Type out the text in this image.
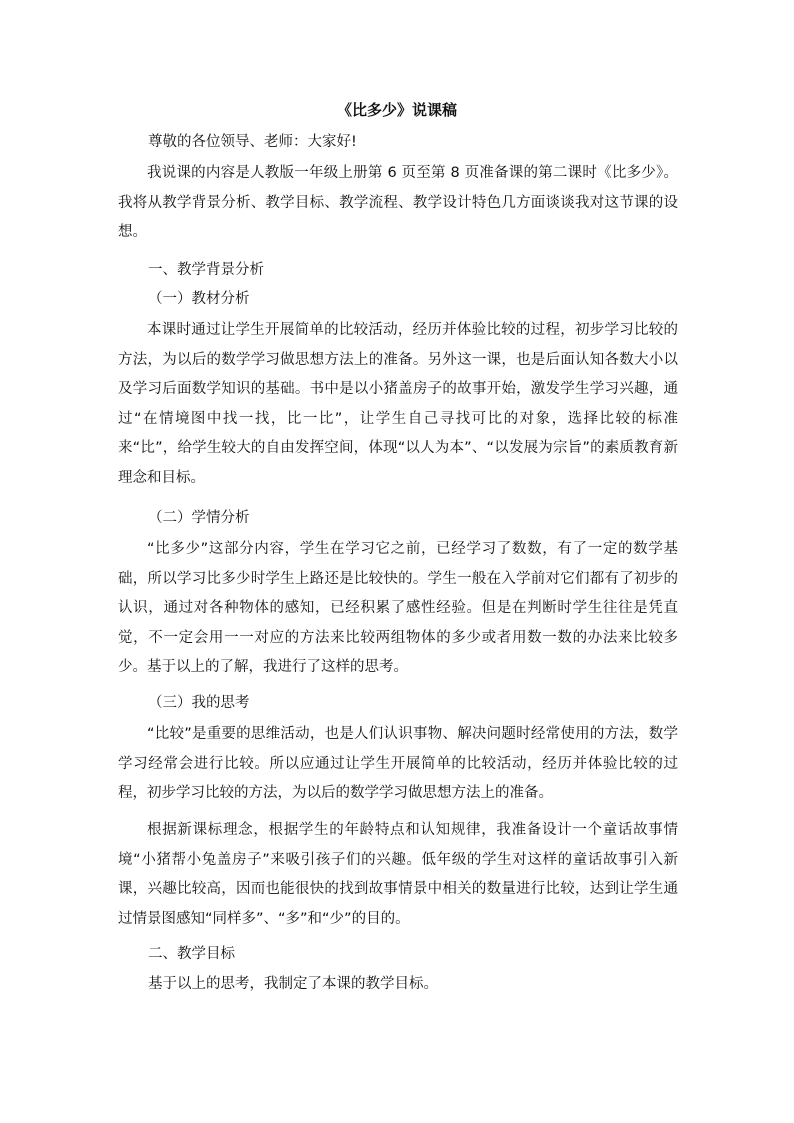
《比多少》说课稿
尊敬的各位领导、老师：大家好!
我说课的内容是人教版一年级上册第 6 页至第 8 页准备课的第二课时《比多少》。我将从教学背景分析、教学目标、教学流程、教学设计特色几方面谈谈我对这节课的设想。
一、教学背景分析
（一）教材分析
本课时通过让学生开展简单的比较活动，经历并体验比较的过程，初步学习比较的方法，为以后的数学学习做思想方法上的准备。另外这一课，也是后面认知各数大小以及学习后面数学知识的基础。书中是以小猪盖房子的故事开始，激发学生学习兴趣，通过“在情境图中找一找，比一比”，让学生自己寻找可比的对象，选择比较的标准来“比”，给学生较大的自由发挥空间，体现“以人为本”、“以发展为宗旨”的素质教育新理念和目标。
（二）学情分析
“比多少”这部分内容，学生在学习它之前，已经学习了数数，有了一定的数学基础，所以学习比多少时学生上路还是比较快的。学生一般在入学前对它们都有了初步的认识，通过对各种物体的感知，已经积累了感性经验。但是在判断时学生往往是凭直觉，不一定会用一一对应的方法来比较两组物体的多少或者用数一数的办法来比较多少。基于以上的了解，我进行了这样的思考。
（三）我的思考
“比较”是重要的思维活动，也是人们认识事物、解决问题时经常使用的方法，数学学习经常会进行比较。所以应通过让学生开展简单的比较活动，经历并体验比较的过程，初步学习比较的方法，为以后的数学学习做思想方法上的准备。
根据新课标理念，根据学生的年龄特点和认知规律，我准备设计一个童话故事情境“小猪帮小兔盖房子”来吸引孩子们的兴趣。低年级的学生对这样的童话故事引入新课，兴趣比较高，因而也能很快的找到故事情景中相关的数量进行比较，达到让学生通过情景图感知“同样多”、“多”和“少”的目的。
二、教学目标
基于以上的思考，我制定了本课的教学目标。
